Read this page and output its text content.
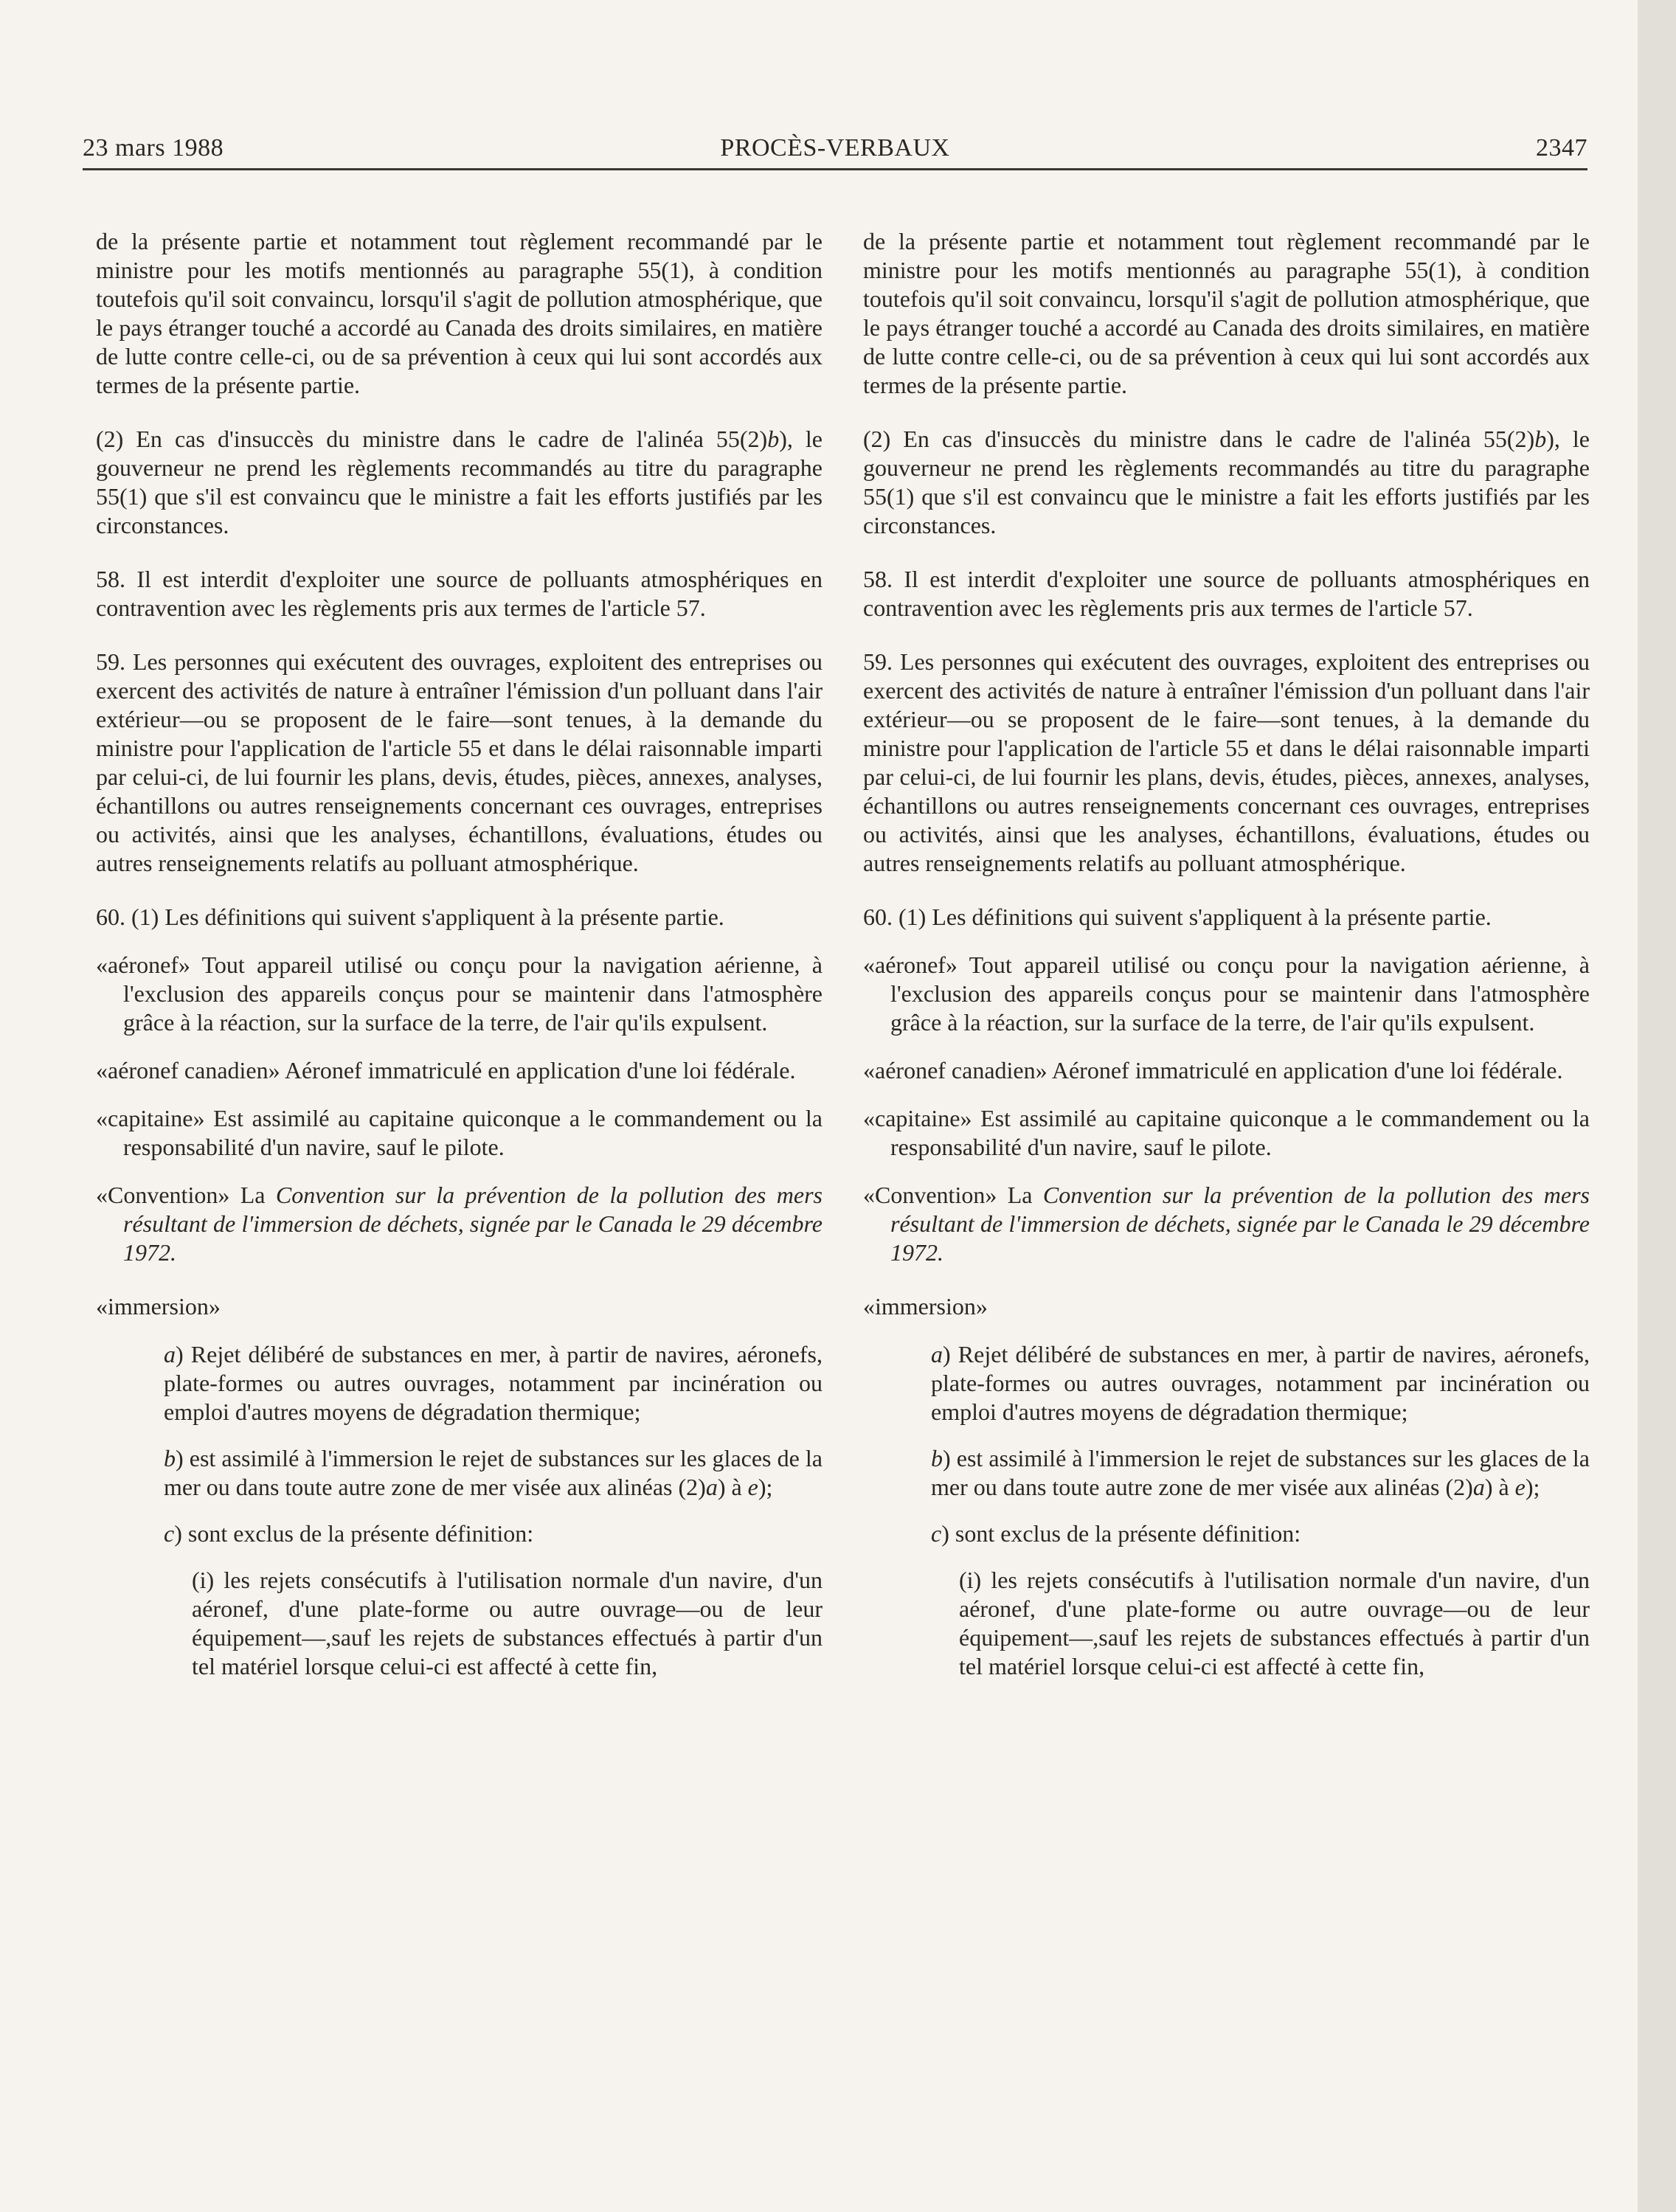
23 mars 1988	PROCÈS-VERBAUX	2347

de la présente partie et notamment tout règlement recommandé par le ministre pour les motifs mentionnés au paragraphe 55(1), à condition toutefois qu'il soit convaincu, lorsqu'il s'agit de pollution atmosphérique, que le pays étranger touché a accordé au Canada des droits similaires, en matière de lutte contre celle-ci, ou de sa prévention à ceux qui lui sont accordés aux termes de la présente partie.

(2) En cas d'insuccès du ministre dans le cadre de l'alinéa 55(2)b), le gouverneur ne prend les règlements recommandés au titre du paragraphe 55(1) que s'il est convaincu que le ministre a fait les efforts justifiés par les circonstances.

58. Il est interdit d'exploiter une source de polluants atmosphériques en contravention avec les règlements pris aux termes de l'article 57.

59. Les personnes qui exécutent des ouvrages, exploitent des entreprises ou exercent des activités de nature à entraîner l'émission d'un polluant dans l'air extérieur—ou se proposent de le faire—sont tenues, à la demande du ministre pour l'application de l'article 55 et dans le délai raisonnable imparti par celui-ci, de lui fournir les plans, devis, études, pièces, annexes, analyses, échantillons ou autres renseignements concernant ces ouvrages, entreprises ou activités, ainsi que les analyses, échantillons, évaluations, études ou autres renseignements relatifs au polluant atmosphérique.

60. (1) Les définitions qui suivent s'appliquent à la présente partie.

«aéronef» Tout appareil utilisé ou conçu pour la navigation aérienne, à l'exclusion des appareils conçus pour se maintenir dans l'atmosphère grâce à la réaction, sur la surface de la terre, de l'air qu'ils expulsent.

«aéronef canadien» Aéronef immatriculé en application d'une loi fédérale.

«capitaine» Est assimilé au capitaine quiconque a le commandement ou la responsabilité d'un navire, sauf le pilote.

«Convention» La Convention sur la prévention de la pollution des mers résultant de l'immersion de déchets, signée par le Canada le 29 décembre 1972.

«immersion»

a) Rejet délibéré de substances en mer, à partir de navires, aéronefs, plate-formes ou autres ouvrages, notamment par incinération ou emploi d'autres moyens de dégradation thermique;

b) est assimilé à l'immersion le rejet de substances sur les glaces de la mer ou dans toute autre zone de mer visée aux alinéas (2)a) à e);

c) sont exclus de la présente définition:

(i) les rejets consécutifs à l'utilisation normale d'un navire, d'un aéronef, d'une plate-forme ou autre ouvrage—ou de leur équipement—,sauf les rejets de substances effectués à partir d'un tel matériel lorsque celui-ci est affecté à cette fin,

de la présente partie et notamment tout règlement recommandé par le ministre pour les motifs mentionnés au paragraphe 55(1), à condition toutefois qu'il soit convaincu, lorsqu'il s'agit de pollution atmosphérique, que le pays étranger touché a accordé au Canada des droits similaires, en matière de lutte contre celle-ci, ou de sa prévention à ceux qui lui sont accordés aux termes de la présente partie.

(2) En cas d'insuccès du ministre dans le cadre de l'alinéa 55(2)b), le gouverneur ne prend les règlements recommandés au titre du paragraphe 55(1) que s'il est convaincu que le ministre a fait les efforts justifiés par les circonstances.

58. Il est interdit d'exploiter une source de polluants atmosphériques en contravention avec les règlements pris aux termes de l'article 57.

59. Les personnes qui exécutent des ouvrages, exploitent des entreprises ou exercent des activités de nature à entraîner l'émission d'un polluant dans l'air extérieur—ou se proposent de le faire—sont tenues, à la demande du ministre pour l'application de l'article 55 et dans le délai raisonnable imparti par celui-ci, de lui fournir les plans, devis, études, pièces, annexes, analyses, échantillons ou autres renseignements concernant ces ouvrages, entreprises ou activités, ainsi que les analyses, échantillons, évaluations, études ou autres renseignements relatifs au polluant atmosphérique.

60. (1) Les définitions qui suivent s'appliquent à la présente partie.

«aéronef» Tout appareil utilisé ou conçu pour la navigation aérienne, à l'exclusion des appareils conçus pour se maintenir dans l'atmosphère grâce à la réaction, sur la surface de la terre, de l'air qu'ils expulsent.

«aéronef canadien» Aéronef immatriculé en application d'une loi fédérale.

«capitaine» Est assimilé au capitaine quiconque a le commandement ou la responsabilité d'un navire, sauf le pilote.

«Convention» La Convention sur la prévention de la pollution des mers résultant de l'immersion de déchets, signée par le Canada le 29 décembre 1972.

«immersion»

a) Rejet délibéré de substances en mer, à partir de navires, aéronefs, plate-formes ou autres ouvrages, notamment par incinération ou emploi d'autres moyens de dégradation thermique;

b) est assimilé à l'immersion le rejet de substances sur les glaces de la mer ou dans toute autre zone de mer visée aux alinéas (2)a) à e);

c) sont exclus de la présente définition:

(i) les rejets consécutifs à l'utilisation normale d'un navire, d'un aéronef, d'une plate-forme ou autre ouvrage—ou de leur équipement—,sauf les rejets de substances effectués à partir d'un tel matériel lorsque celui-ci est affecté à cette fin,
